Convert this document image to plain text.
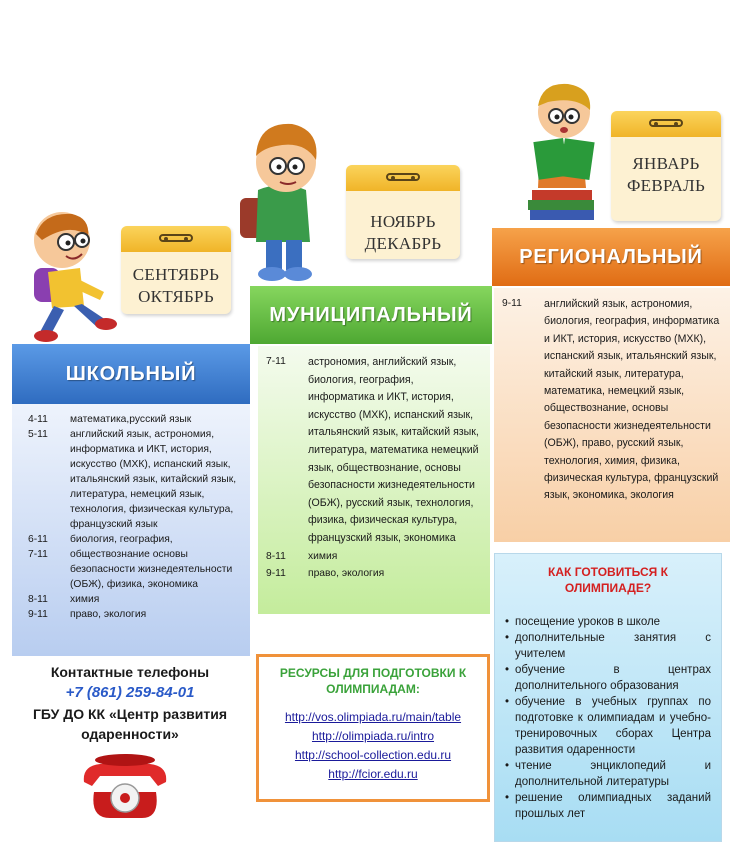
СЕНТЯБРЬ
ОКТЯБРЬ
НОЯБРЬ
ДЕКАБРЬ
ЯНВАРЬ
ФЕВРАЛЬ
ШКОЛЬНЫЙ
4-11	математика,русский язык
5-11	английский язык, астрономия, информатика и ИКТ, история, искусство (МХК), испанский язык, итальянский язык, китайский язык, литература, немецкий язык, технология, физическая культура, французский язык
6-11	биология, география,
7-11	обществознание основы безопасности жизнедеятельности (ОБЖ), физика, экономика
8-11	химия
9-11	право, экология
МУНИЦИПАЛЬНЫЙ
7-11	астрономия, английский язык, биология, география, информатика и ИКТ, история, искусство (МХК), испанский язык, итальянский язык, китайский язык, литература, математика немецкий язык, обществознание, основы безопасности жизнедеятельности (ОБЖ), русский язык, технология, физика, физическая культура, французский язык, экономика
8-11	химия
9-11	право, экология
РЕГИОНАЛЬНЫЙ
9-11	английский язык, астрономия, биология, география, информатика и ИКТ, история, искусство (МХК), испанский язык, итальянский язык, китайский язык, литература, математика, немецкий язык, обществознание, основы безопасности жизнедеятельности (ОБЖ), право, русский язык, технология, химия, физика, физическая культура, французский язык, экономика, экология
Контактные телефоны
+7 (861) 259-84-01
ГБУ ДО КК «Центр развития одаренности»
РЕСУРСЫ ДЛЯ ПОДГОТОВКИ К ОЛИМПИАДАМ:
http://vos.olimpiada.ru/main/table
http://olimpiada.ru/intro
http://school-collection.edu.ru
http://fcior.edu.ru
КАК ГОТОВИТЬСЯ К ОЛИМПИАДЕ?
• посещение уроков в школе
• дополнительные занятия с учителем
• обучение в центрах дополнительного образования
• обучение в учебных группах по подготовке к олимпиадам и учебно-тренировочных сборах Центра развития одаренности
• чтение энциклопедий и дополнительной литературы
• решение олимпиадных заданий прошлых лет
